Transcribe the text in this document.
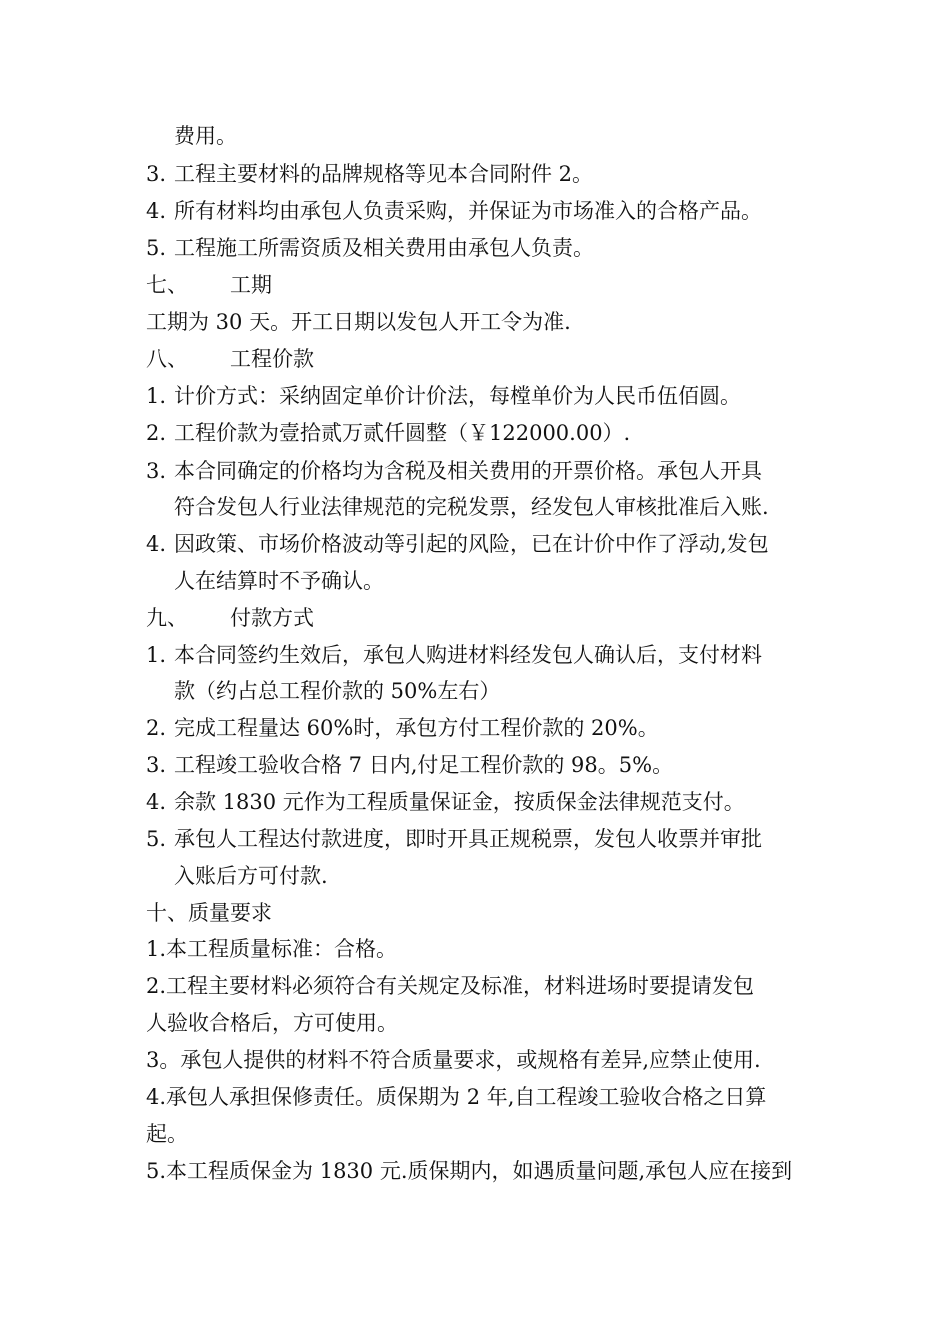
费用。
3. 工程主要材料的品牌规格等见本合同附件 2。
4. 所有材料均由承包人负责采购，并保证为市场准入的合格产品。
5. 工程施工所需资质及相关费用由承包人负责。
七、 工期
工期为 30 天。开工日期以发包人开工令为准.
八、 工程价款
1. 计价方式：采纳固定单价计价法，每樘单价为人民币伍佰圆。
2. 工程价款为壹拾贰万贰仟圆整（￥122000.00）.
3. 本合同确定的价格均为含税及相关费用的开票价格。承包人开具
符合发包人行业法律规范的完税发票，经发包人审核批准后入账.
4. 因政策、市场价格波动等引起的风险，已在计价中作了浮动,发包
人在结算时不予确认。
九、 付款方式
1. 本合同签约生效后，承包人购进材料经发包人确认后，支付材料
款（约占总工程价款的 50%左右）
2. 完成工程量达 60%时，承包方付工程价款的 20%。
3. 工程竣工验收合格 7 日内,付足工程价款的 98。5%。
4. 余款 1830 元作为工程质量保证金，按质保金法律规范支付。
5. 承包人工程达付款进度，即时开具正规税票，发包人收票并审批
入账后方可付款.
十、质量要求
1.本工程质量标准：合格。
2.工程主要材料必须符合有关规定及标准，材料进场时要提请发包
人验收合格后，方可使用。
3。承包人提供的材料不符合质量要求，或规格有差异,应禁止使用.
4.承包人承担保修责任。质保期为 2 年,自工程竣工验收合格之日算
起。
5.本工程质保金为 1830 元.质保期内，如遇质量问题,承包人应在接到
